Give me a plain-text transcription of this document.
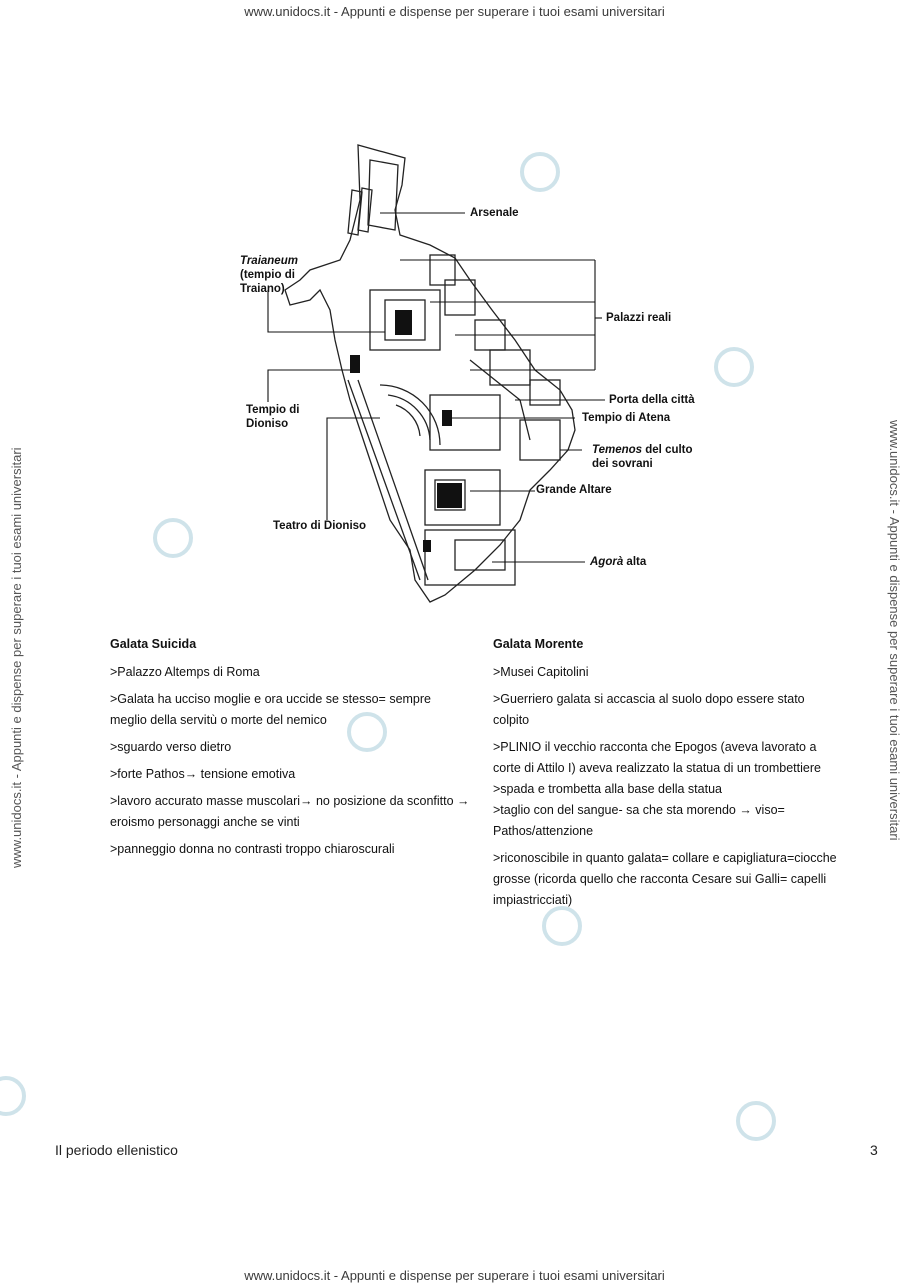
www.unidocs.it - Appunti e dispense per superare i tuoi esami universitari
www.unidocs.it - Appunti e dispense per superare i tuoi esami universitari
www.unidocs.it - Appunti e dispense per superare i tuoi esami universitari	www.unidocs.it - Appunti e dispense per superare i tuoi esami universitari
Arsenale
Traianeum
(tempio di
Traiano)
Palazzi reali
Porta della città
Tempio di Atena
Temenos del culto
dei sovrani
Tempio di
Dioniso
Grande Altare
Teatro di Dioniso
Agorà alta
Galata Suicida

>Palazzo Altemps di Roma

>Galata ha ucciso moglie e ora uccide se stesso= sempre meglio della servitù o morte del nemico

>sguardo verso dietro

>forte Pathos→ tensione emotiva

>lavoro accurato masse muscolari→ no posizione da sconfitto → eroismo personaggi anche se vinti

>panneggio donna no contrasti troppo chiaroscurali

Galata Morente

>Musei Capitolini

>Guerriero galata si accascia al suolo dopo essere stato colpito

>PLINIO il vecchio racconta che Epogos (aveva lavorato a corte di Attilo I) aveva realizzato la statua di un trombettiere

>spada e trombetta alla base della statua

>taglio con del sangue- sa che sta morendo → viso= Pathos/attenzione

>riconoscibile in quanto galata= collare e capigliatura=ciocche grosse (ricorda quello che racconta Cesare sui Galli= capelli impiastricciati)

Il periodo ellenistico	3
